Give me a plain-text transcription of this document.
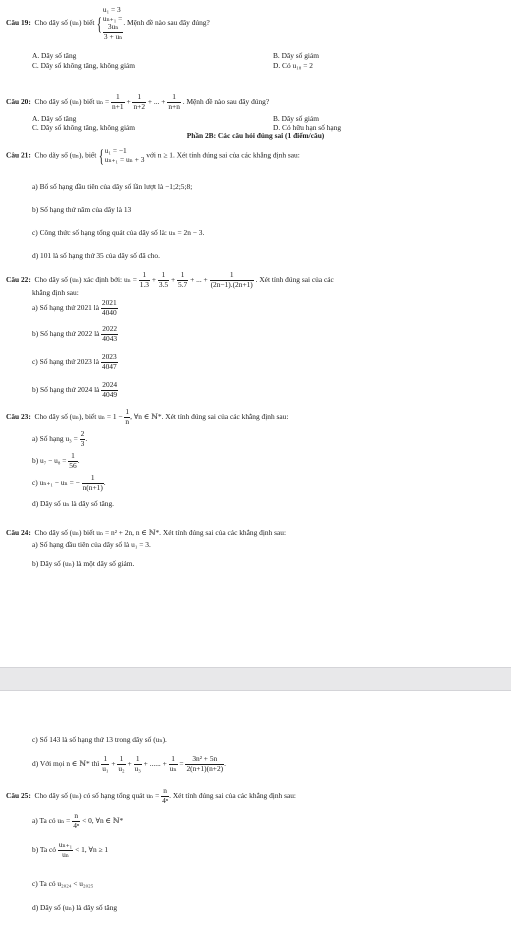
Câu 19: Cho dãy số (uₙ) biết {
u₁ = 3
uₙ₊₁ =
3uₙ
3 + uₙ
. Mệnh đề nào sau đây đúng?
A. Dãy số tăng	B. Dãy số giảm
C. Dãy số không tăng, không giảm	D. Có u₁₈ = 2
Câu 20: Cho dãy số (uₙ) biết $u_n = \frac{1}{n+1} + \frac{1}{n+2}$ + ... + $\frac{1}{n+n}$ . Mệnh đề nào sau đây đúng?
A. Dãy số tăng	B. Dãy số giảm
C. Dãy số không tăng, không giảm	D. Có hữu hạn số hạng
Phần 2B: Các câu hỏi đúng sai (1 điểm/câu)
Câu 21: Cho dãy số (uₙ), biết { u₁ = −1
uₙ₊₁ = uₙ + 3 với n ≥ 1. Xét tính đúng sai của các khẳng định sau:
a) Bố số hạng đầu tiên của dãy số lần lượt là −1;2;5;8;
b) Số hạng thứ năm của dãy là 13
c) Công thức số hạng tổng quát của dãy số là: uₙ = 2n − 3.
d) 101 là số hạng thứ 35 của dãy số đã cho.
Câu 22: Cho dãy số (uₙ) xác định bởi: $u_n = \frac{1}{1.3} + \frac{1}{3.5} + \frac{1}{5.7}$ + ... + $\frac{1}{(2n-1).(2n+1)}$ . Xét tính đúng sai của các
khẳng định sau:
a) Số hạng thứ 2021 là $\frac{2021}{4040}$
b) Số hạng thứ 2022 là $\frac{2022}{4043}$
c) Số hạng thứ 2023 là $\frac{2023}{4047}$
b) Số hạng thứ 2024 là $\frac{2024}{4049}$
Câu 23: Cho dãy số (uₙ), biết $u_n = 1 - \frac{1}{n}$ , ∀n ∈ ℕ*. Xét tính đúng sai của các khẳng định sau:
a) Số hạng $u_3 = \frac{2}{3}$ .
b) $u_7 - u_8 = \frac{1}{56}$ .
c) uₙ₊₁ − uₙ = − $\frac{1}{n(n+1)}$ .
d) Dãy số uₙ là dãy số tăng.
Câu 24: Cho dãy số (uₙ) biết uₙ = n² + 2n, n ∈ ℕ*. Xét tính đúng sai của các khẳng định sau:
a) Số hạng đầu tiên của dãy số là u₁ = 3.
b) Dãy số (uₙ) là một dãy số giảm.
c) Số 143 là số hạng thứ 13 trong dãy số (uₙ).
d) Với mọi n ∈ ℕ* thì $\frac{1}{\text{u₁}} + \frac{1}{\text{u₂}} + \frac{1}{\text{u₃}}$ + ...... + $\frac{1}{\text{uₙ}} = \frac{\text{3n² + 5n}}{2(n+1)(n+2)}$ .
Câu 25: Cho dãy số (uₙ) có số hạng tổng quát $u_n = \frac{n}{\text{4ⁿ}}$ . Xét tính đúng sai của các khẳng định sau:
a) Ta có $u_n = \frac{n}{\text{4ⁿ}} < 0$, ∀n ∈ ℕ*
b) Ta có $\frac{\text{uₙ₊₁}}{\text{uₙ}} < 1$, ∀n ≥ 1
c) Ta có u₂₀₂₄ < u₂₀₂₅
d) Dãy số (uₙ) là dãy số tăng
